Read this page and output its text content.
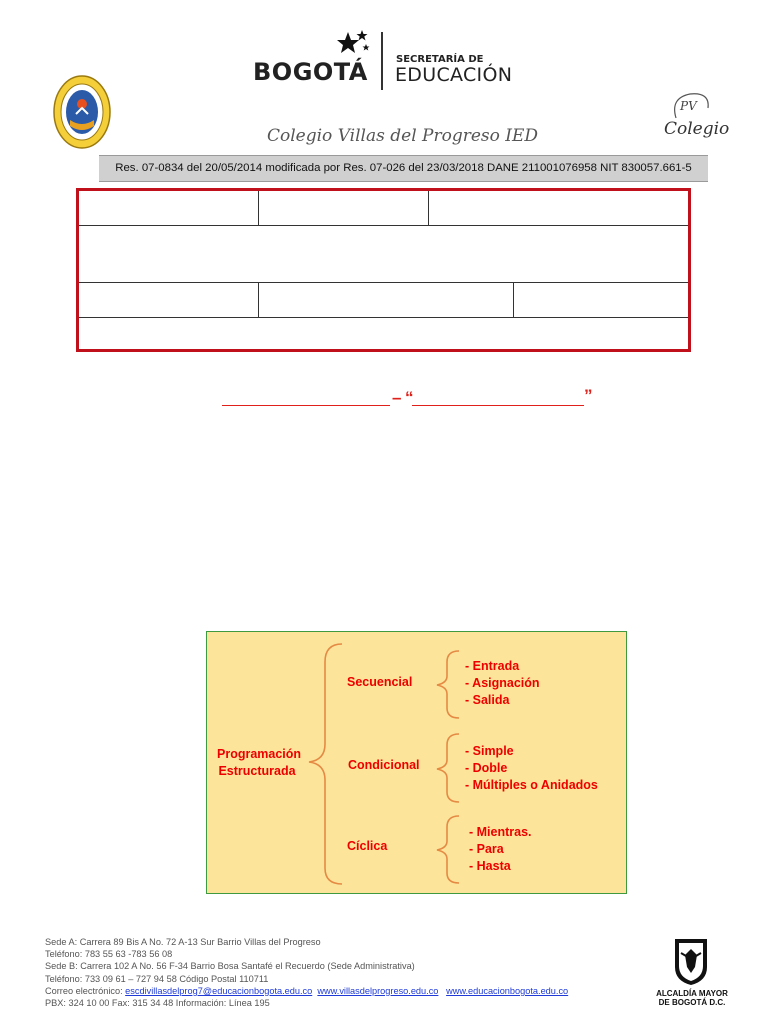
BOGOTÁ	SECRETARÍA DE
EDUCACIÓN
PV
Colegio
Colegio Villas del Progreso IED
Res. 07-0834 del 20/05/2014 modificada por Res. 07-026 del 23/03/2018 DANE 211001076958 NIT 830057.661-5
– “	”
Programación
Estructurada
Secuencial
Condicional
Cíclica
- Entrada
- Asignación
- Salida
- Simple
- Doble
- Múltiples o Anidados
- Mientras.
- Para
- Hasta
Sede A: Carrera 89 Bis A No. 72 A-13 Sur Barrio Villas del Progreso
Teléfono: 783 55 63 -783 56 08
Sede B: Carrera 102 A No. 56 F-34 Barrio Bosa Santafé el Recuerdo (Sede Administrativa)
Teléfono: 733 09 61 – 727 94 58 Código Postal 110711
Correo electrónico: escdivillasdelprog7@educacionbogota.edu.co www.villasdelprogreso.edu.co www.educacionbogota.edu.co
PBX: 324 10 00 Fax: 315 34 48 Información: Línea 195
ALCALDÍA MAYOR
DE BOGOTÁ D.C.
